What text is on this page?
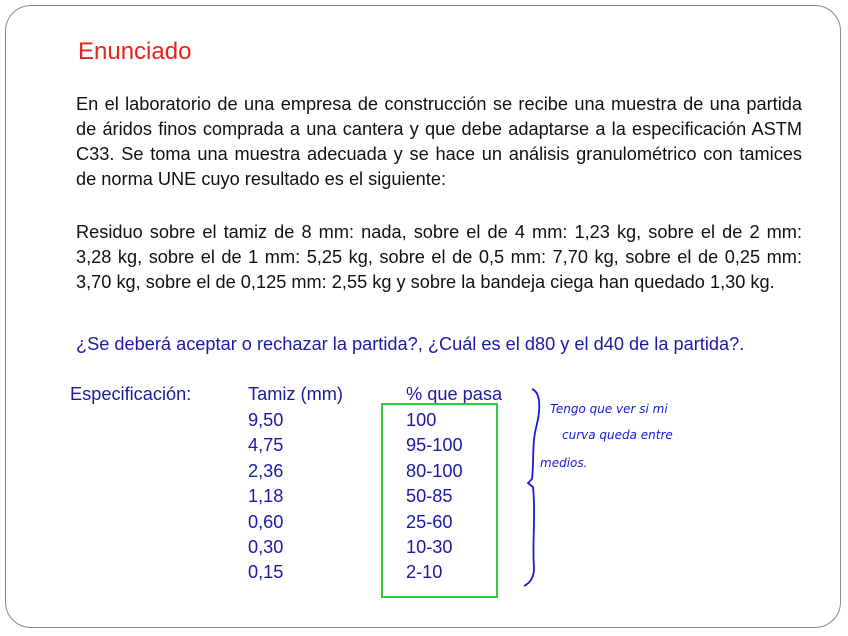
Enunciado
En el laboratorio de una empresa de construcción se recibe una muestra de una partida de áridos finos comprada a una cantera y que debe adaptarse a la especificación ASTM C33. Se toma una muestra adecuada y se hace un análisis granulométrico con tamices de norma UNE cuyo resultado es el siguiente:
Residuo sobre el tamiz de 8 mm: nada, sobre el de 4 mm: 1,23 kg, sobre el de 2 mm: 3,28 kg, sobre el de 1 mm: 5,25 kg, sobre el de 0,5 mm: 7,70 kg, sobre el de 0,25 mm: 3,70 kg, sobre el de 0,125 mm: 2,55 kg y sobre la bandeja ciega han quedado 1,30 kg.
¿Se deberá aceptar o rechazar la partida?, ¿Cuál es el d80 y el d40 de la partida?.
Especificación:	Tamiz (mm)	% que pasa
9,50
4,75
2,36
1,18
0,60
0,30
0,15
100
95-100
80-100
50-85
25-60
10-30
2-10
Tengo que ver si mi
curva queda entre
medios.
